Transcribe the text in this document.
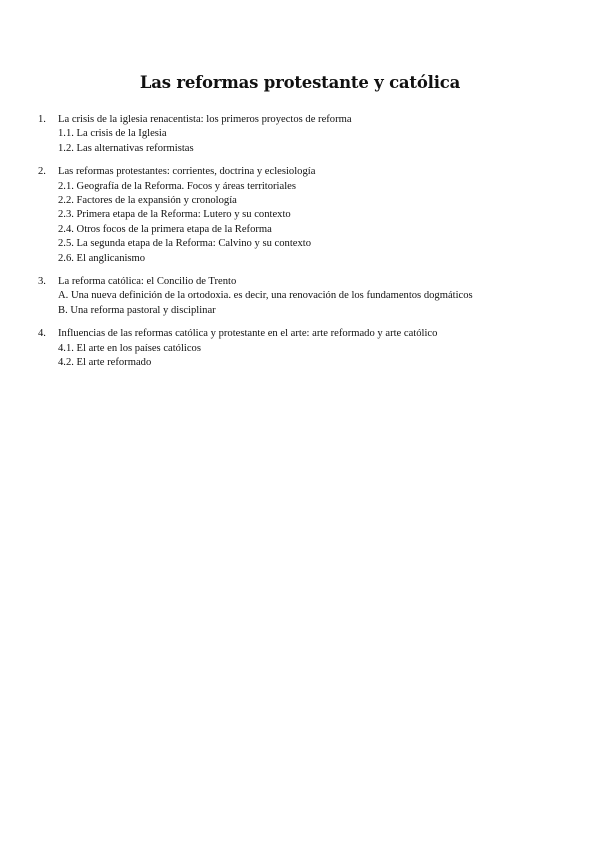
Las reformas protestante y católica
1.	La crisis de la iglesia renacentista: los primeros proyectos de reforma
1.1. La crisis de la Iglesia
1.2. Las alternativas reformistas
2.	Las reformas protestantes: corrientes, doctrina y eclesiología
2.1. Geografía de la Reforma. Focos y áreas territoriales
2.2. Factores de la expansión y cronología
2.3. Primera etapa de la Reforma: Lutero y su contexto
2.4. Otros focos de la primera etapa de la Reforma
2.5. La segunda etapa de la Reforma: Calvino y su contexto
2.6. El anglicanismo
3.	La reforma católica: el Concilio de Trento
A. Una nueva definición de la ortodoxia. es decir, una renovación de los fundamentos dogmáticos
B. Una reforma pastoral y disciplinar
4.	Influencias de las reformas católica y protestante en el arte: arte reformado y arte católico
4.1. El arte en los países católicos
4.2. El arte reformado
